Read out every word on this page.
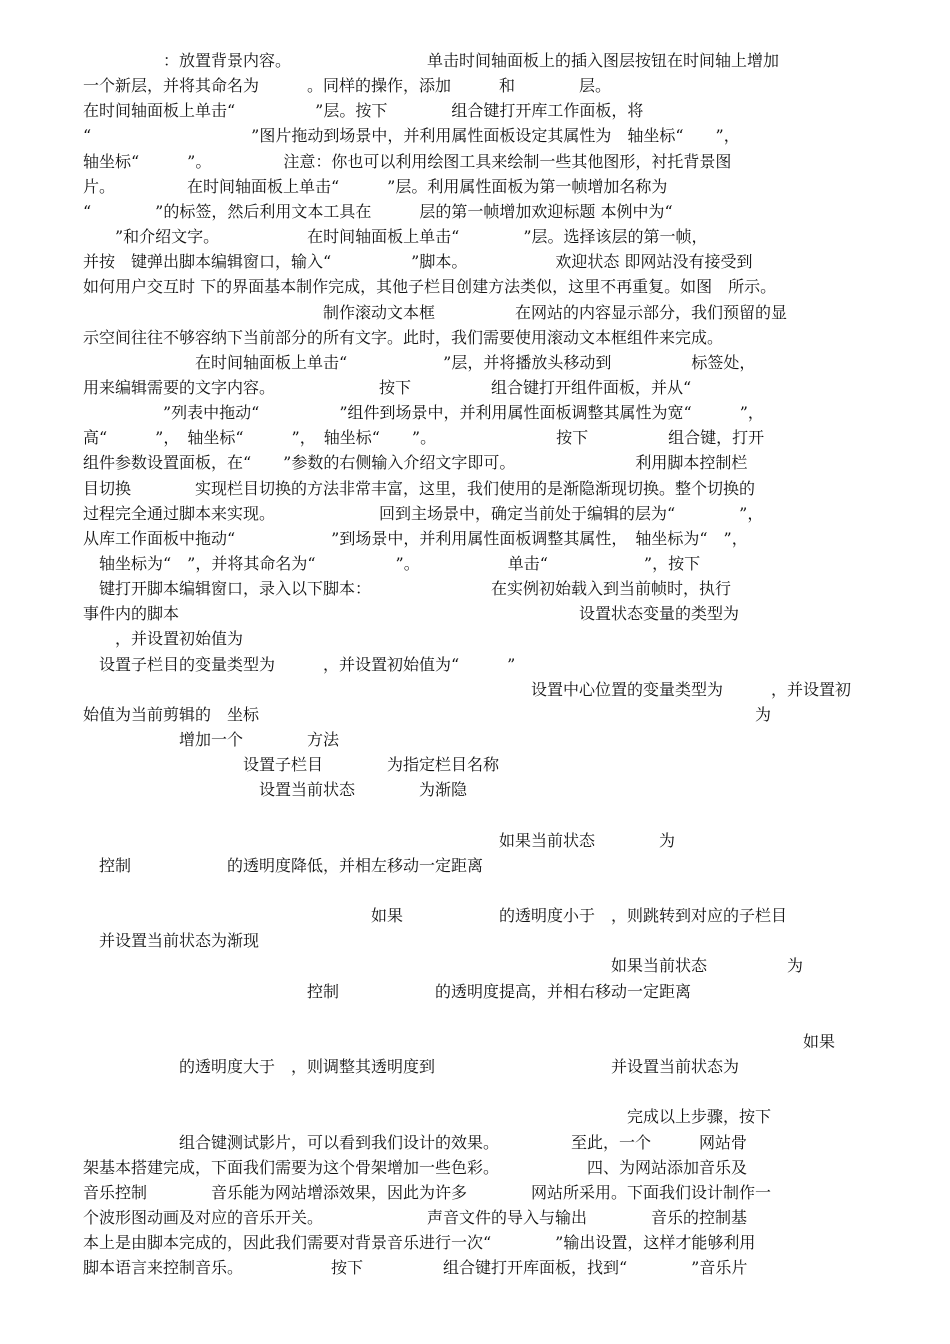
　　　　　：放置背景内容。　　　　　　　　　单击时间轴面板上的插入图层按钮在时间轴上增加

一个新层，并将其命名为　　　。同样的操作，添加　　　和　　　　层。

在时间轴面板上单击“　　　　　”层。按下　　　　组合键打开库工作面板，将

“　　　　　　　　　　”图片拖动到场景中，并利用属性面板设定其属性为　轴坐标“　　”，

轴坐标“　　　”。　　　　　注意：你也可以利用绘图工具来绘制一些其他图形，衬托背景图

片。　　　　　在时间轴面板上单击“　　　”层。利用属性面板为第一帧增加名称为

“　　　　”的标签，然后利用文本工具在　　　层的第一帧增加欢迎标题 本例中为“

　　”和介绍文字。　　　　　　在时间轴面板上单击“　　　　”层。选择该层的第一帧，

并按　键弹出脚本编辑窗口，输入“　　　　　”脚本。　　　　　　欢迎状态 即网站没有接受到

如何用户交互时 下的界面基本制作完成，其他子栏目创建方法类似，这里不再重复。如图　所示。

　　　　　　　　　　　　　　　制作滚动文本框　　　　　在网站的内容显示部分，我们预留的显

示空间往往不够容纳下当前部分的所有文字。此时，我们需要使用滚动文本框组件来完成。

　　　　　　　在时间轴面板上单击“　　　　　　”层，并将播放头移动到　　　　　标签处，

用来编辑需要的文字内容。　　　　　　　按下　　　　　组合键打开组件面板，并从“

　　　　　”列表中拖动“　　　　　”组件到场景中，并利用属性面板调整其属性为宽“　　　”，

高“　　　”，　轴坐标“　　　”，　轴坐标“　　”。　　　　　　　　按下　　　　　组合键，打开

组件参数设置面板，在“　　”参数的右侧输入介绍文字即可。　　　　　　　　利用脚本控制栏

目切换　　　　实现栏目切换的方法非常丰富，这里，我们使用的是渐隐渐现切换。整个切换的

过程完全通过脚本来实现。　　　　　　　回到主场景中，确定当前处于编辑的层为“　　　　”，

从库工作面板中拖动“　　　　　　”到场景中，并利用属性面板调整其属性，　轴坐标为“　”，

　轴坐标为“　”，并将其命名为“　　　　　”。　　　　　　单击“　　　　　　”，按下

　键打开脚本编辑窗口，录入以下脚本：　　　　　　　　在实例初始载入到当前帧时，执行

事件内的脚本　　　　　　　　　　　　　　　　　　　　　　　　　设置状态变量的类型为

　　，并设置初始值为

　设置子栏目的变量类型为　　　，并设置初始值为“　　　”

　　　　　　　　　　　　　　　　　　　　　　　　　　　　设置中心位置的变量类型为　　　，并设置初

始值为当前剪辑的　坐标　　　　　　　　　　　　　　　　　　　　　　　　　　　　　　　为

　　　　　　增加一个　　　　方法

　　　　　　　　　　设置子栏目　　　　为指定栏目名称

　　　　　　　　　　　设置当前状态　　　　为渐隐

　　　　　　　　　　　　　　　　　　　　　　　　　　如果当前状态　　　　为

　控制　　　　　　的透明度降低，并相左移动一定距离

　　　　　　　　　　　　　　　　　　如果　　　　　　的透明度小于　，则跳转到对应的子栏目

　并设置当前状态为渐现

　　　　　　　　　　　　　　　　　　　　　　　　　　　　　　　　　如果当前状态　　　　　为

　　　　　　　　　　　　　　控制　　　　　　的透明度提高，并相右移动一定距离

　　　　　　　　　　　　　　　　　　　　　　　　　　　　　　　　　　　　　　　　　　　　　如果

　　　　　　的透明度大于　，则调整其透明度到　　　　　　　　　　　并设置当前状态为

　　　　　　　　　　　　　　　　　　　　　　　　　　　　　　　　　　完成以上步骤，按下

　　　　　　组合键测试影片，可以看到我们设计的效果。　　　　　至此，一个　　　网站骨

架基本搭建完成，下面我们需要为这个骨架增加一些色彩。　　　　　　四、为网站添加音乐及

音乐控制　　　　音乐能为网站增添效果，因此为许多　　　　网站所采用。下面我们设计制作一

个波形图动画及对应的音乐开关。　　　　　　　声音文件的导入与输出　　　　音乐的控制基

本上是由脚本完成的，因此我们需要对背景音乐进行一次“　　　　”输出设置，这样才能够利用

脚本语言来控制音乐。　　　　　　按下　　　　　组合键打开库面板，找到“　　　　”音乐片
